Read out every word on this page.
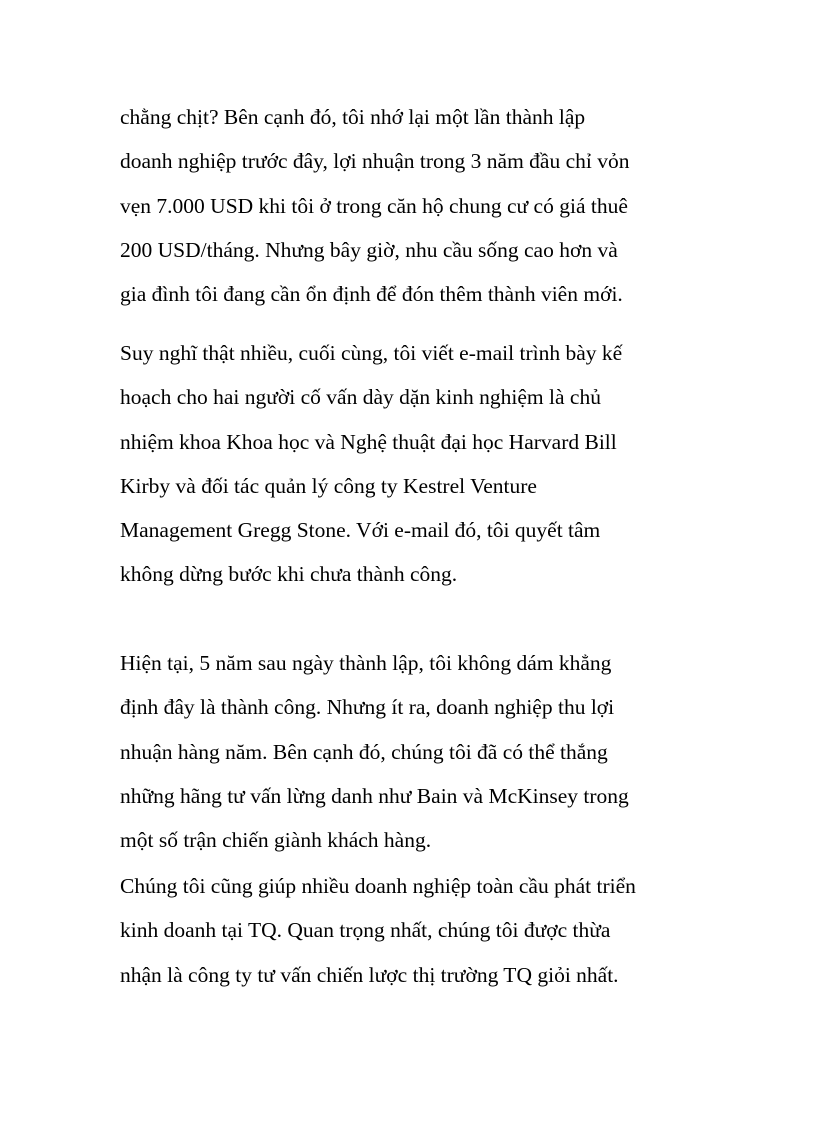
chằng chịt? Bên cạnh đó, tôi nhớ lại một lần thành lập
doanh nghiệp trước đây, lợi nhuận trong 3 năm đầu chỉ vỏn
vẹn 7.000 USD khi tôi ở trong căn hộ chung cư có giá thuê
200 USD/tháng. Nhưng bây giờ, nhu cầu sống cao hơn và
gia đình tôi đang cần ổn định để đón thêm thành viên mới.

Suy nghĩ thật nhiều, cuối cùng, tôi viết e-mail trình bày kế
hoạch cho hai người cố vấn dày dặn kinh nghiệm là chủ
nhiệm khoa Khoa học và Nghệ thuật đại học Harvard Bill
Kirby và đối tác quản lý công ty Kestrel Venture
Management Gregg Stone. Với e-mail đó, tôi quyết tâm
không dừng bước khi chưa thành công.

Hiện tại, 5 năm sau ngày thành lập, tôi không dám khẳng
định đây là thành công. Nhưng ít ra, doanh nghiệp thu lợi
nhuận hàng năm. Bên cạnh đó, chúng tôi đã có thể thắng
những hãng tư vấn lừng danh như Bain và McKinsey trong
một số trận chiến giành khách hàng.

Chúng tôi cũng giúp nhiều doanh nghiệp toàn cầu phát triển
kinh doanh tại TQ. Quan trọng nhất, chúng tôi được thừa
nhận là công ty tư vấn chiến lược thị trường TQ giỏi nhất.
